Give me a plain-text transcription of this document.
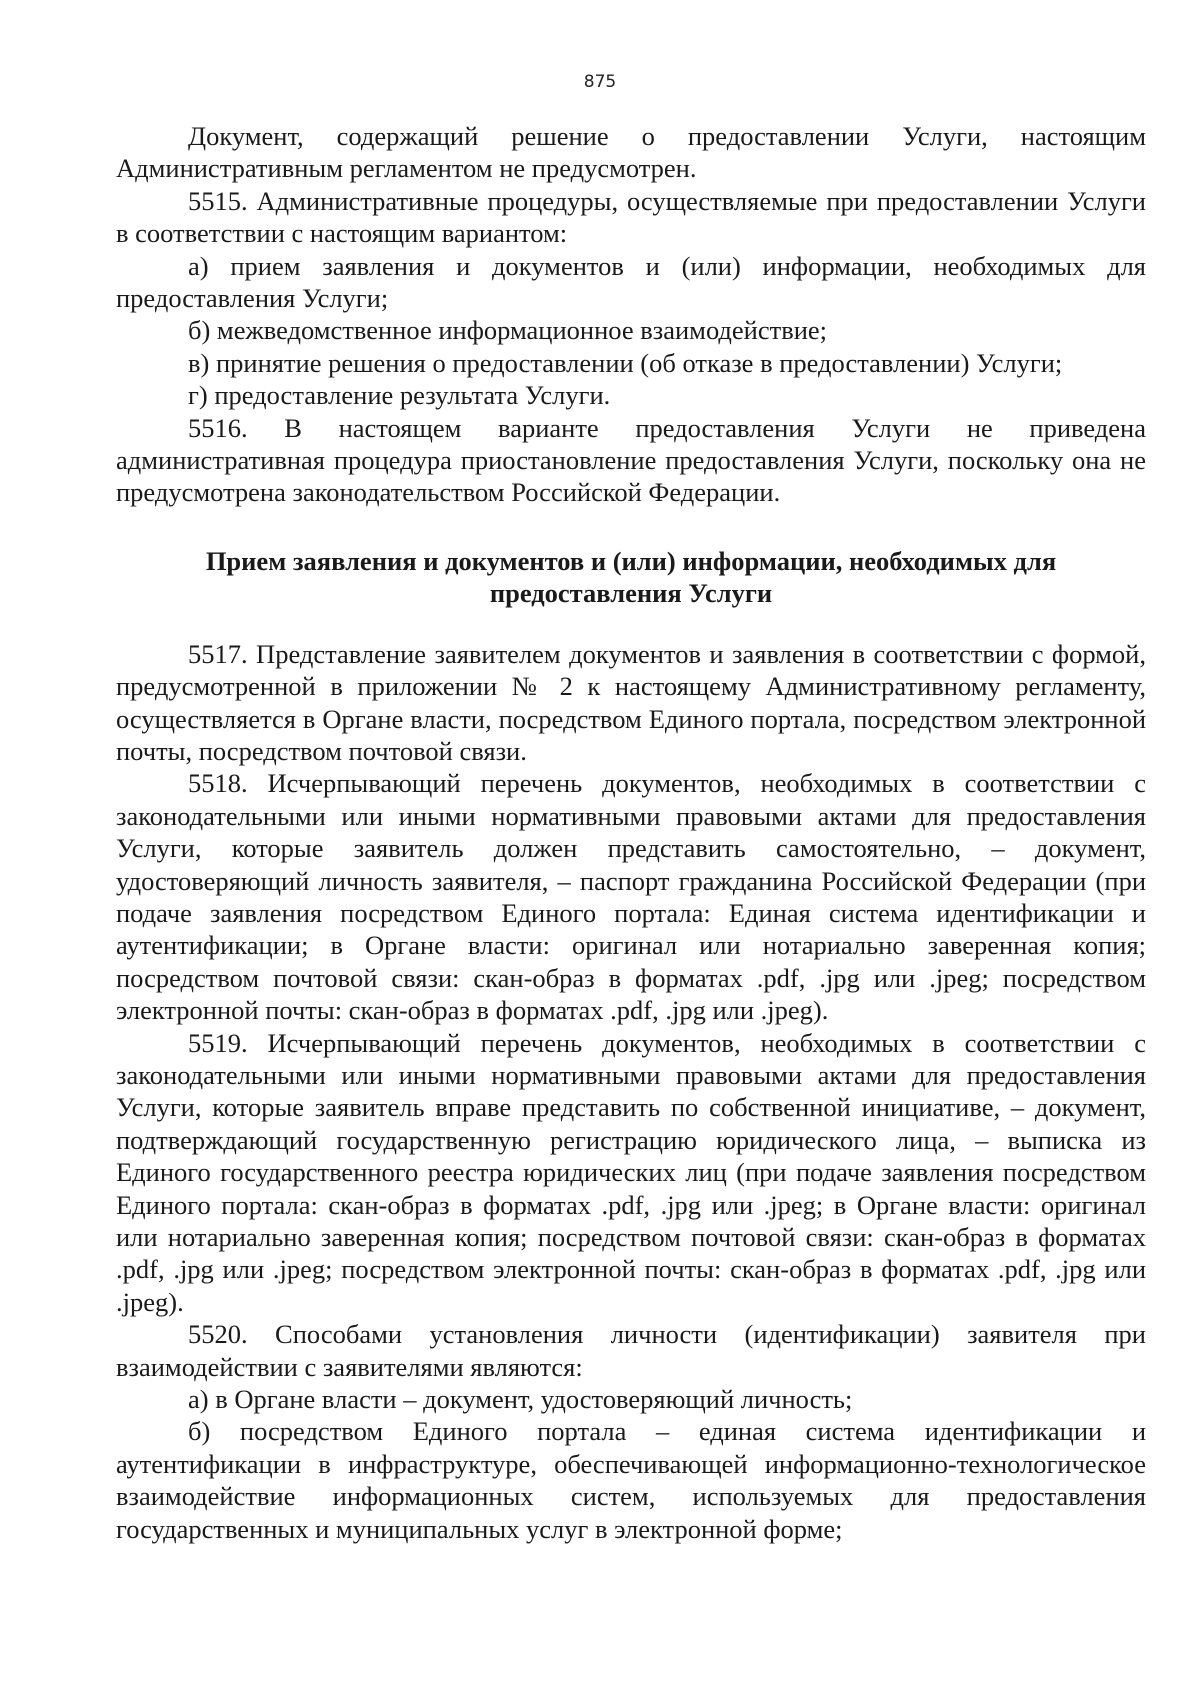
875

Документ, содержащий решение о предоставлении Услуги, настоящим Административным регламентом не предусмотрен.

5515. Административные процедуры, осуществляемые при предоставлении Услуги в соответствии с настоящим вариантом:

а) прием заявления и документов и (или) информации, необходимых для предоставления Услуги;

б) межведомственное информационное взаимодействие;

в) принятие решения о предоставлении (об отказе в предоставлении) Услуги;

г) предоставление результата Услуги.

5516. В настоящем варианте предоставления Услуги не приведена административная процедура приостановление предоставления Услуги, поскольку она не предусмотрена законодательством Российской Федерации.

Прием заявления и документов и (или) информации, необходимых для
предоставления Услуги

5517. Представление заявителем документов и заявления в соответствии с формой, предусмотренной в приложении № 2 к настоящему Административному регламенту, осуществляется в Органе власти, посредством Единого портала, посредством электронной почты, посредством почтовой связи.

5518. Исчерпывающий перечень документов, необходимых в соответствии с законодательными или иными нормативными правовыми актами для предоставления Услуги, которые заявитель должен представить самостоятельно, – документ, удостоверяющий личность заявителя, – паспорт гражданина Российской Федерации (при подаче заявления посредством Единого портала: Единая система идентификации и аутентификации; в Органе власти: оригинал или нотариально заверенная копия; посредством почтовой связи: скан-образ в форматах .pdf, .jpg или .jpeg; посредством электронной почты: скан-образ в форматах .pdf, .jpg или .jpeg).

5519. Исчерпывающий перечень документов, необходимых в соответствии с законодательными или иными нормативными правовыми актами для предоставления Услуги, которые заявитель вправе представить по собственной инициативе, – документ, подтверждающий государственную регистрацию юридического лица, – выписка из Единого государственного реестра юридических лиц (при подаче заявления посредством Единого портала: скан-образ в форматах .pdf, .jpg или .jpeg; в Органе власти: оригинал или нотариально заверенная копия; посредством почтовой связи: скан-образ в форматах .pdf, .jpg или .jpeg; посредством электронной почты: скан-образ в форматах .pdf, .jpg или .jpeg).

5520. Способами установления личности (идентификации) заявителя при взаимодействии с заявителями являются:

а) в Органе власти – документ, удостоверяющий личность;

б) посредством Единого портала – единая система идентификации и аутентификации в инфраструктуре, обеспечивающей информационно-технологическое взаимодействие информационных систем, используемых для предоставления государственных и муниципальных услуг в электронной форме;
